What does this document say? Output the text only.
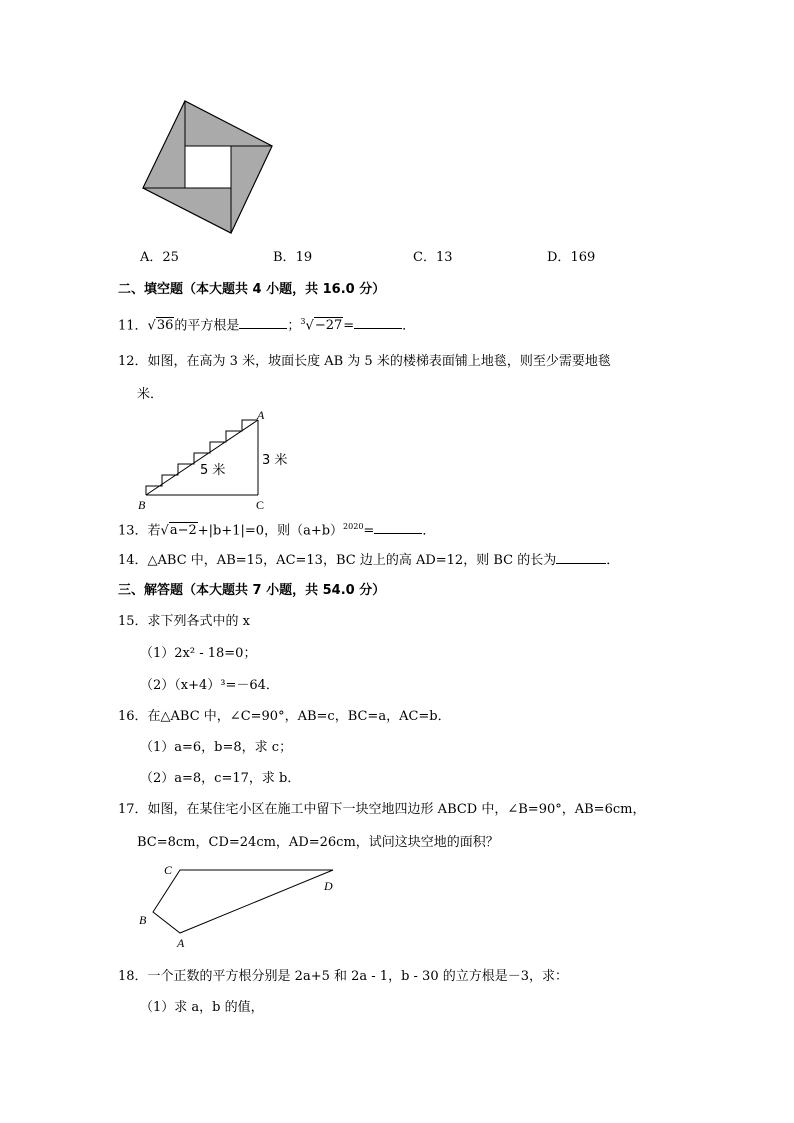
A．25	B．19	C．13	D．169
二、填空题（本大题共 4 小题，共 16.0 分）
11．√36的平方根是	；$^3$√−27=	．
12．如图，在高为 3 米，坡面长度 AB 为 5 米的楼梯表面铺上地毯，则至少需要地毯
米．
A
B	C
5 米
3 米
13．若√a−2+|b+1|=0，则$(a+b)^{2020}=$	．
14．△ABC 中，AB=15，AC=13，BC 边上的高 AD=12，则 BC 的长为	．
三、解答题（本大题共 7 小题，共 54.0 分）
15．求下列各式中的 x
（1）2x² - 18=0；
（2）（x+4）³=－64．
16．在△ABC 中，∠C=90°，AB=c，BC=a，AC=b．
（1）a=6，b=8，求 c；
（2）a=8，c=17，求 b．
17．如图，在某住宅小区在施工中留下一块空地四边形 ABCD 中，∠B=90°，AB=6cm，
BC=8cm，CD=24cm，AD=26cm，试问这块空地的面积？
C
D
B
A
18．一个正数的平方根分别是 2a+5 和 2a - 1，b - 30 的立方根是－3，求：
（1）求 a，b 的值，
